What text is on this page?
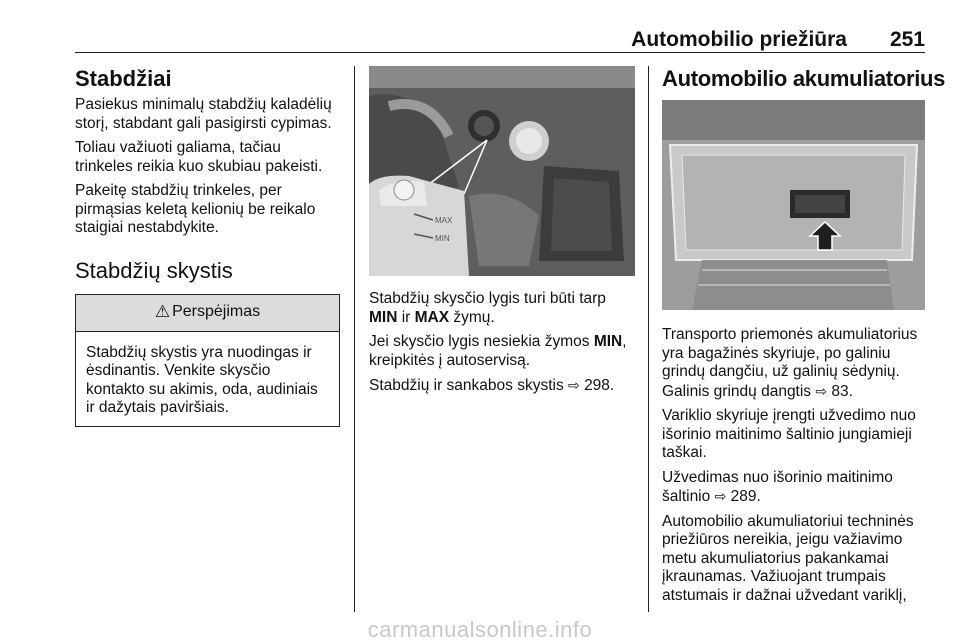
Automobilio priežiūra 251
Stabdžiai

Pasiekus minimalų stabdžių kaladėlių storį, stabdant gali pasigirsti cypimas.

Toliau važiuoti galiama, tačiau trinkeles reikia kuo skubiau pakeisti.

Pakeitę stabdžių trinkeles, per pirmąsias keletą kelionių be reikalo staigiai nestabdykite.

Stabdžių skystis
⚠ Perspėjimas
Stabdžių skystis yra nuodingas ir ėsdinantis. Venkite skysčio kontakto su akimis, oda, audiniais ir dažytais paviršiais.
MAX
MIN

Stabdžių skysčio lygis turi būti tarp MIN ir MAX žymų.

Jei skysčio lygis nesiekia žymos MIN, kreipkitės į autoservisą.

Stabdžių ir sankabos skystis ⇨ 298.

Automobilio akumuliatorius

Transporto priemonės akumuliatorius yra bagažinės skyriuje, po galiniu grindų dangčiu, už galinių sėdynių. Galinis grindų dangtis ⇨ 83.

Variklio skyriuje įrengti užvedimo nuo išorinio maitinimo šaltinio jungiamieji taškai.

Užvedimas nuo išorinio maitinimo šaltinio ⇨ 289.

Automobilio akumuliatoriui techninės priežiūros nereikia, jeigu važiavimo metu akumuliatorius pakankamai įkraunamas. Važiuojant trumpais atstumais ir dažnai užvedant variklį,

carmanualsonline.info
